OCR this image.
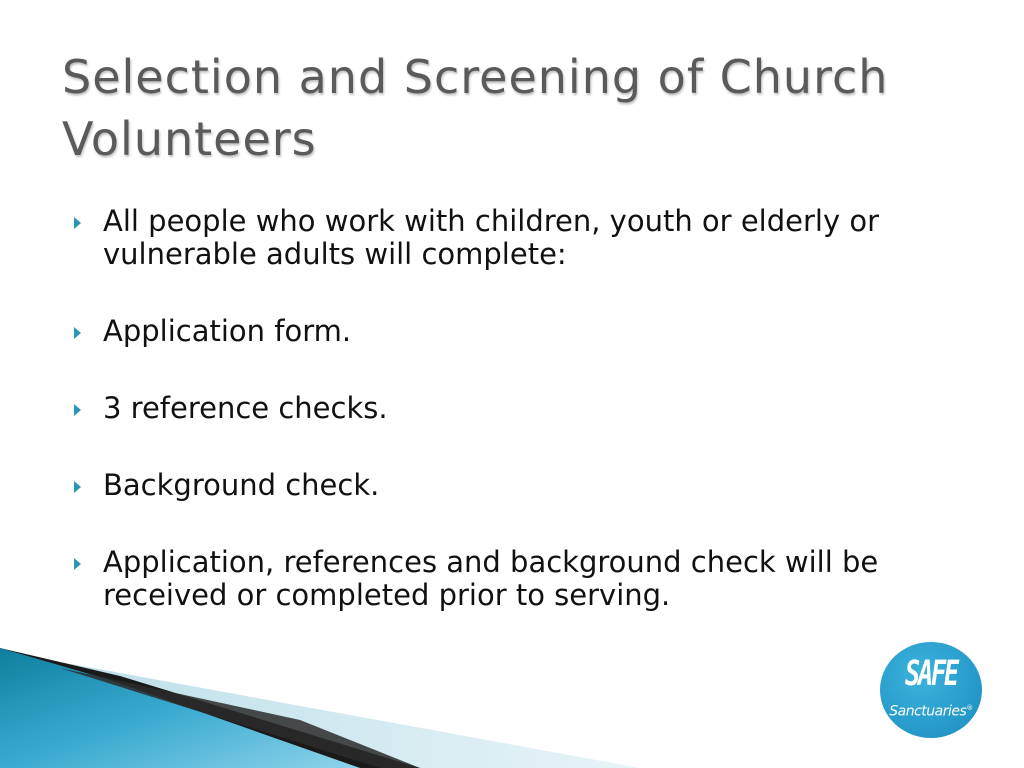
Selection and Screening of Church Volunteers
All people who work with children, youth or elderly or vulnerable adults will complete:
Application form.
3 reference checks.
Background check.
Application, references and background check will be received or completed prior to serving.
SAFE
Sanctuaries®
